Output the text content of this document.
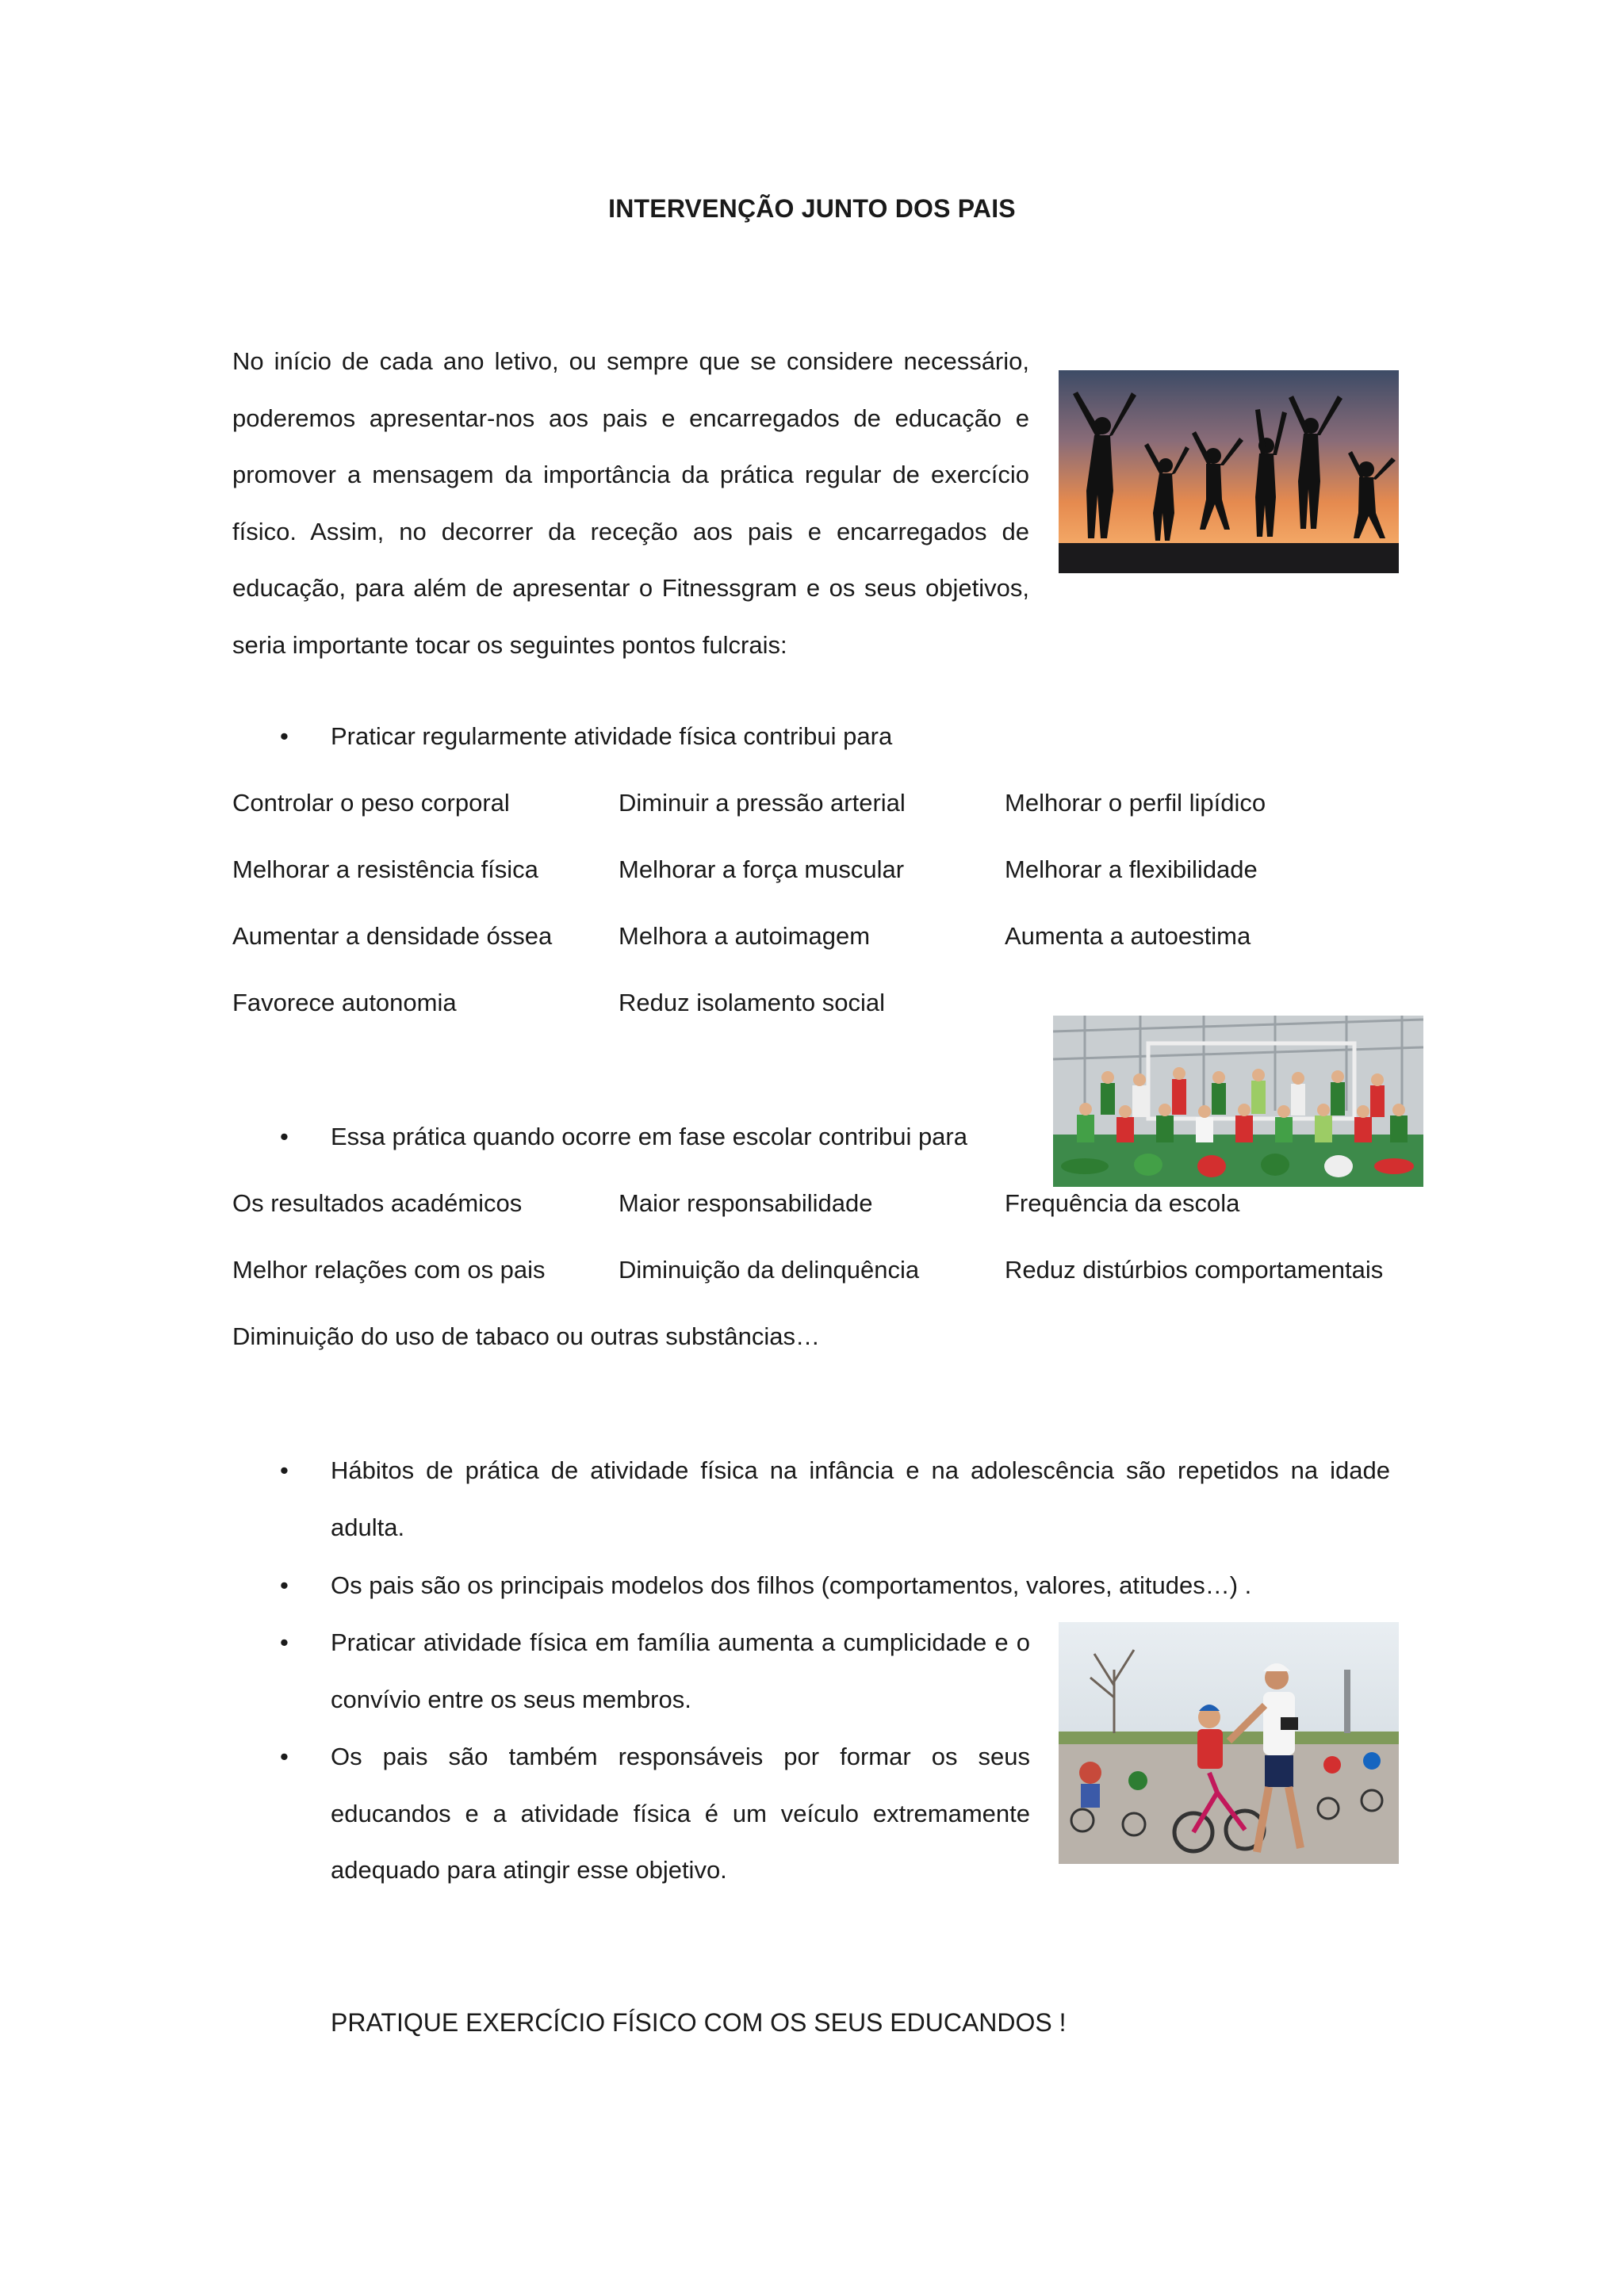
INTERVENÇÃO JUNTO DOS PAIS

No início de cada ano letivo, ou sempre que se considere necessário, poderemos apresentar-nos aos pais e encarregados de educação e promover a mensagem da importância da prática regular de exercício físico. Assim, no decorrer da receção aos pais e encarregados de educação, para além de apresentar o Fitnessgram e os seus objetivos, seria importante tocar os seguintes pontos fulcrais:

•	Praticar regularmente atividade física contribui para
Controlar o peso corporal	Diminuir a pressão arterial	Melhorar o perfil lipídico
Melhorar a resistência física	Melhorar a força muscular	Melhorar a flexibilidade
Aumentar a densidade óssea	Melhora a autoimagem	Aumenta a autoestima
Favorece autonomia	Reduz isolamento social
•	Essa prática quando ocorre em fase escolar contribui para
Os resultados académicos	Maior responsabilidade	Frequência da escola
Melhor relações com os pais	Diminuição da delinquência	Reduz distúrbios comportamentais
Diminuição do uso de tabaco ou outras substâncias…
•	Hábitos de prática de atividade física na infância e na adolescência são repetidos na idade adulta.
•	Os pais são os principais modelos dos filhos (comportamentos, valores, atitudes…) .
•	Praticar atividade física em família aumenta a cumplicidade e o convívio entre os seus membros.
•	Os pais são também responsáveis por formar os seus educandos e a atividade física é um veículo extremamente adequado para atingir esse objetivo.
PRATIQUE EXERCÍCIO FÍSICO COM OS SEUS EDUCANDOS !
